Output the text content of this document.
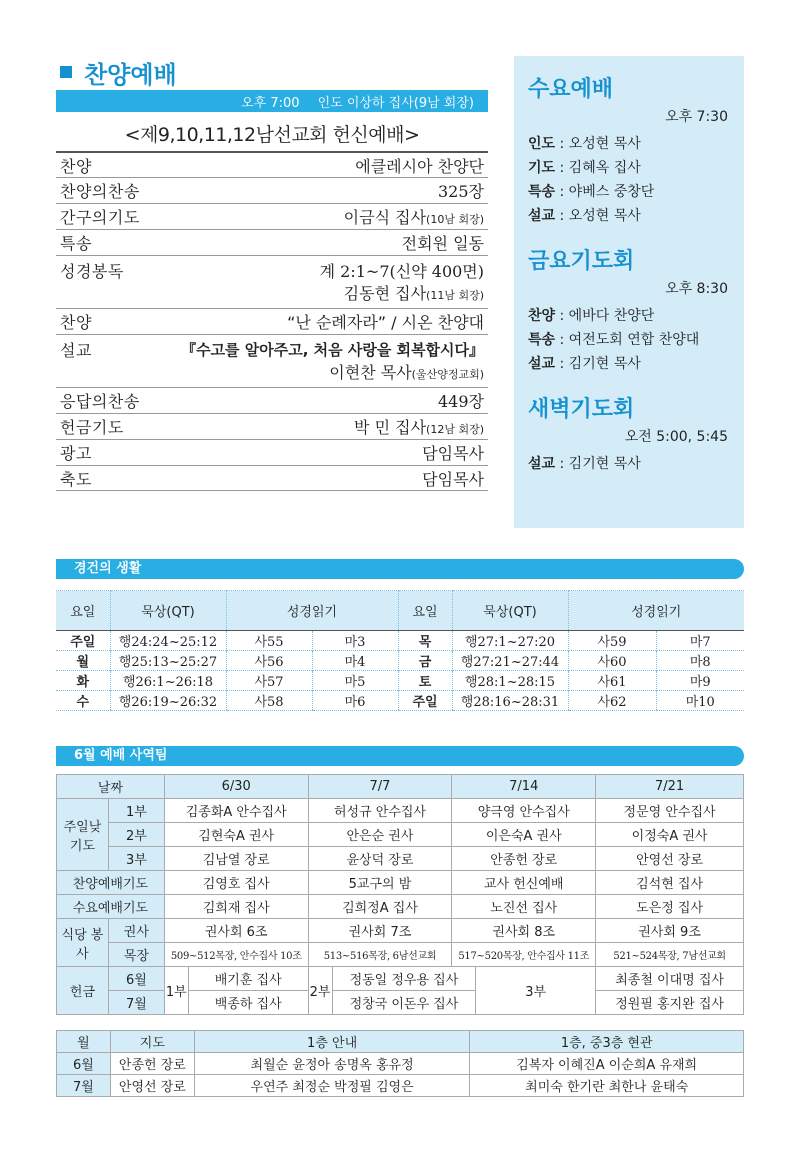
찬양예배
오후 7:00 인도 이상하 집사(9남 회장)
<제9,10,11,12남선교회 헌신예배>
찬양	에클레시아 찬양단
찬양의찬송	325장
간구의기도	이금식 집사(10남 회장)
특송	전회원 일동
성경봉독	계 2:1~7(신약 400면)
김동현 집사(11남 회장)
찬양	“난 순례자라” / 시온 찬양대
설교	『수고를 알아주고, 처음 사랑을 회복합시다』
이현찬 목사(울산양정교회)
응답의찬송	449장
헌금기도	박 민 집사(12남 회장)
광고	담임목사
축도	담임목사
수요예배
오후 7:30
인도 : 오성현 목사
기도 : 김혜옥 집사
특송 : 야베스 중창단
설교 : 오성현 목사
금요기도회
오후 8:30
찬양 : 에바다 찬양단
특송 : 여전도회 연합 찬양대
설교 : 김기현 목사
새벽기도회
오전 5:00, 5:45
설교 : 김기현 목사
경건의 생활
요일	묵상(QT)	성경읽기		요일	묵상(QT)	성경읽기	
주일	행24:24~25:12	사55	마3	목	행27:1~27:20	사59	마7
월	행25:13~25:27	사56	마4	금	행27:21~27:44	사60	마8
화	행26:1~26:18	사57	마5	토	행28:1~28:15	사61	마9
수	행26:19~26:32	사58	마6	주일	행28:16~28:31	사62	마10
6월 예배 사역팀
날짜		6/30		7/7		7/14		7/21
주일낮 기도	1부	김종화A 안수집사		허성규 안수집사		양극영 안수집사		정문영 안수집사
	2부	김현숙A 권사		안은순 권사		이은숙A 권사		이정숙A 권사
	3부	김남열 장로		윤상덕 장로		안종헌 장로		안영선 장로
찬양예배기도		김영호 집사		5교구의 밤		교사 헌신예배		김석현 집사
수요예배기도		김희재 집사		김희정A 집사		노진선 집사		도은정 집사
식당 봉사	권사	권사회 6조		권사회 7조		권사회 8조		권사회 9조
	목장	509~512목장, 안수집사 10조		513~516목장, 6남선교회		517~520목장, 안수집사 11조		521~524목장, 7남선교회
헌금	6월	1부	배기훈 집사	2부	정동일 정우용 집사		3부	최종철 이대명 집사
	7월		백종하 집사		정창국 이돈우 집사			정원필 홍지완 집사
월	지도	1층 안내	1층, 중3층 현관
6월	안종헌 장로	최월순 윤정아 송명옥 홍유정	김복자 이혜진A 이순희A 유재희
7월	안영선 장로	우연주 최정순 박정필 김영은	최미숙 한기란 최한나 윤태숙
